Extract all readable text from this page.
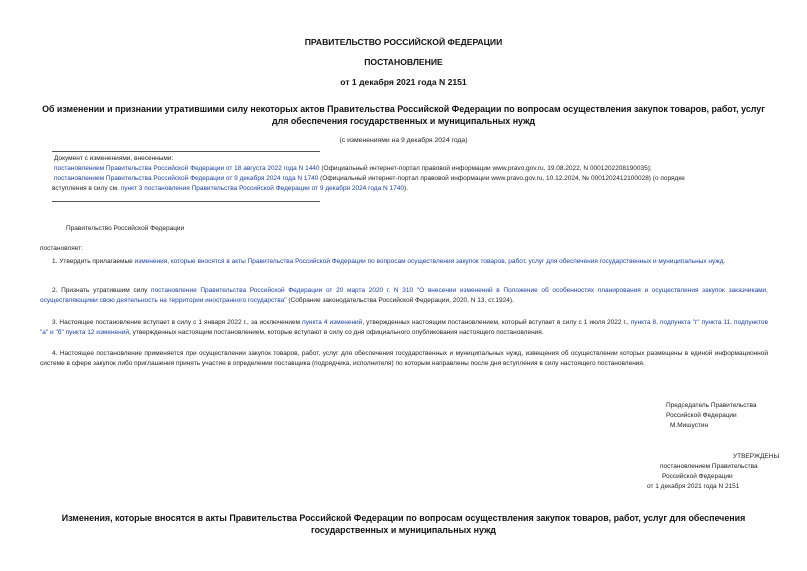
ПРАВИТЕЛЬСТВО РОССИЙСКОЙ ФЕДЕРАЦИИ
ПОСТАНОВЛЕНИЕ
от 1 декабря 2021 года N 2151
Об изменении и признании утратившими силу некоторых актов Правительства Российской Федерации по вопросам осуществления закупок товаров, работ, услуг
для обеспечения государственных и муниципальных нужд
(с изменениями на 9 декабря 2024 года)
Документ с изменениями, внесенными:
постановлением Правительства Российской Федерации от 18 августа 2022 года N 1440 (Официальный интернет-портал правовой информации www.pravo.gov.ru, 19.08.2022, N 0001202208190035);
постановлением Правительства Российской Федерации от 9 декабря 2024 года N 1740 (Официальный интернет-портал правовой информации www.pravo.gov.ru, 10.12.2024, № 0001202412100028) (о порядке
вступления в силу см. пункт 3 постановления Правительства Российской Федерации от 9 декабря 2024 года N 1740).
Правительство Российской Федерации
постановляет:
1. Утвердить прилагаемые изменения, которые вносятся в акты Правительства Российской Федерации по вопросам осуществления закупок товаров, работ, услуг для обеспечения государственных и муниципальных нужд.
2. Признать утратившим силу постановление Правительства Российской Федерации от 20 марта 2020 г. N 310 "О внесении изменений в Положение об особенностях планирования и осуществления закупок заказчиками, осуществляющими свою деятельность на территории иностранного государства" (Собрание законодательства Российской Федерации, 2020, N 13, ст.1924).
3. Настоящее постановление вступает в силу с 1 января 2022 г., за исключением пункта 4 изменений, утвержденных настоящим постановлением, который вступает в силу с 1 июля 2022 г., пункта 8, подпункта "г" пункта 11, подпунктов "а" и "б" пункта 12 изменений, утвержденных настоящим постановлением, которые вступают в силу со дня официального опубликования настоящего постановления.
4. Настоящее постановление применяется при осуществлении закупок товаров, работ, услуг для обеспечения государственных и муниципальных нужд, извещения об осуществлении которых размещены в единой информационной системе в сфере закупок либо приглашения принять участие в определении поставщика (подрядчика, исполнителя) по которым направлены после дня вступления в силу настоящего постановления.
Председатель Правительства
Российской Федерации
М.Мишустин
УТВЕРЖДЕНЫ
постановлением Правительства
Российской Федерации
от 1 декабря 2021 года N 2151
Изменения, которые вносятся в акты Правительства Российской Федерации по вопросам осуществления закупок товаров, работ, услуг для обеспечения
государственных и муниципальных нужд
